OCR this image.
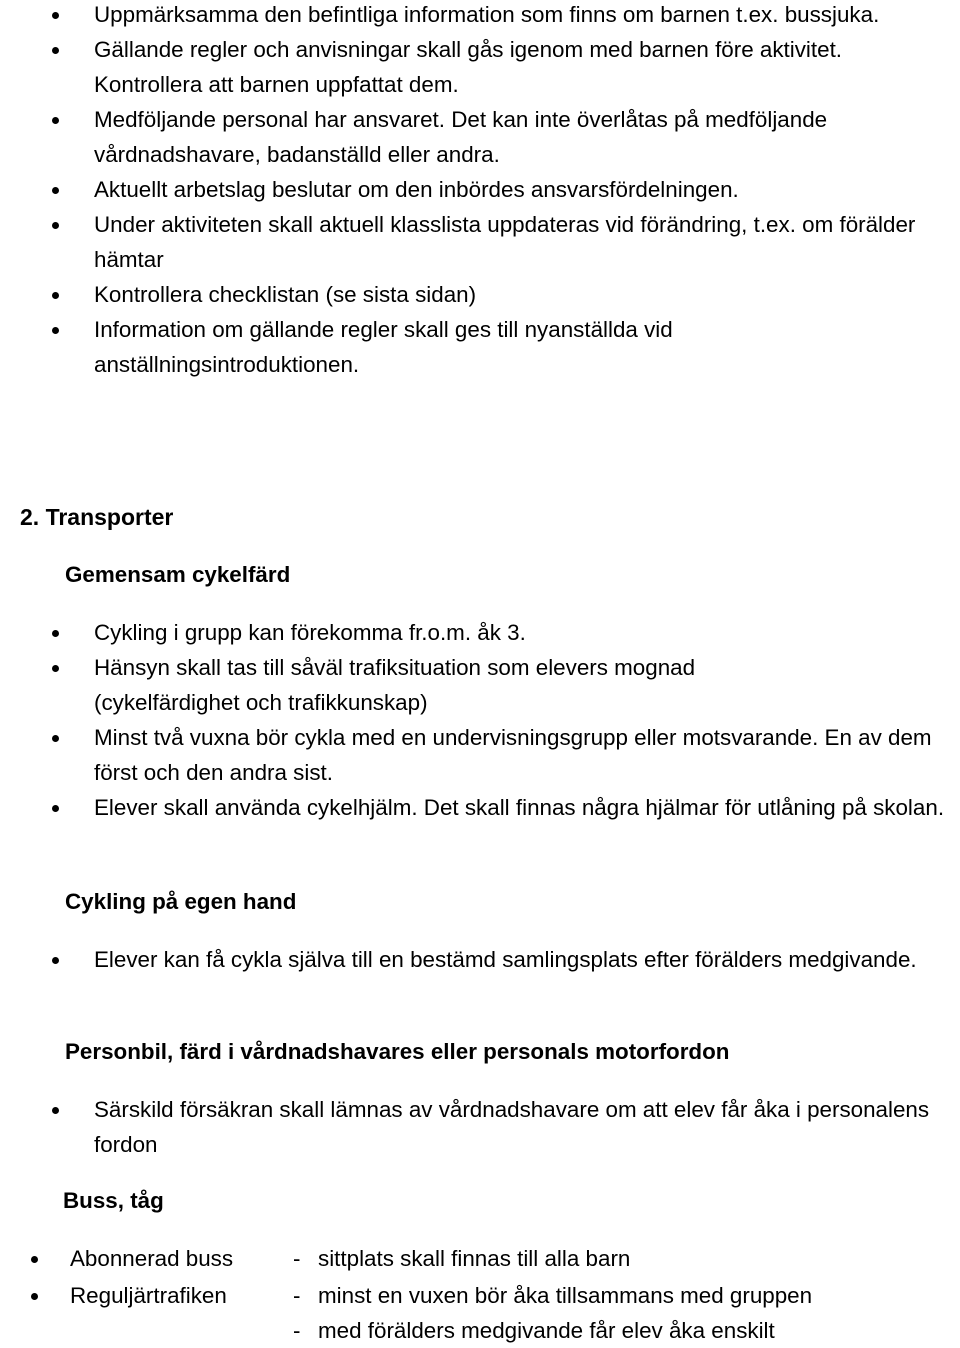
Uppmärksamma den befintliga information som finns om barnen t.ex. bussjuka.
Gällande regler och anvisningar skall gås igenom med barnen före aktivitet. Kontrollera att barnen uppfattat dem.
Medföljande personal har ansvaret. Det kan inte överlåtas på medföljande vårdnadshavare, badanställd eller andra.
Aktuellt arbetslag beslutar om den inbördes ansvarsfördelningen.
Under aktiviteten skall aktuell klasslista uppdateras vid förändring, t.ex. om förälder hämtar
Kontrollera checklistan (se sista sidan)
Information om gällande regler skall ges till nyanställda vid anställningsintroduktionen.
2. Transporter
Gemensam cykelfärd
Cykling i grupp kan förekomma fr.o.m. åk 3.
Hänsyn skall tas till såväl trafiksituation som elevers mognad (cykelfärdighet och trafikkunskap)
Minst två vuxna bör cykla med en undervisningsgrupp eller motsvarande. En av dem först och den andra sist.
Elever skall använda cykelhjälm. Det skall finnas några hjälmar för utlåning på skolan.
Cykling på egen hand
Elever kan få cykla själva till en bestämd samlingsplats efter förälders medgivande.
Personbil, färd i vårdnadshavares eller personals motorfordon
Särskild försäkran skall lämnas av vårdnadshavare om att elev får åka i personalens fordon
Buss, tåg
Abonnerad buss	- sittplats skall finnas till alla barn
Reguljärtrafiken	- minst en vuxen bör åka tillsammans med gruppen
- med förälders medgivande får elev åka enskilt
